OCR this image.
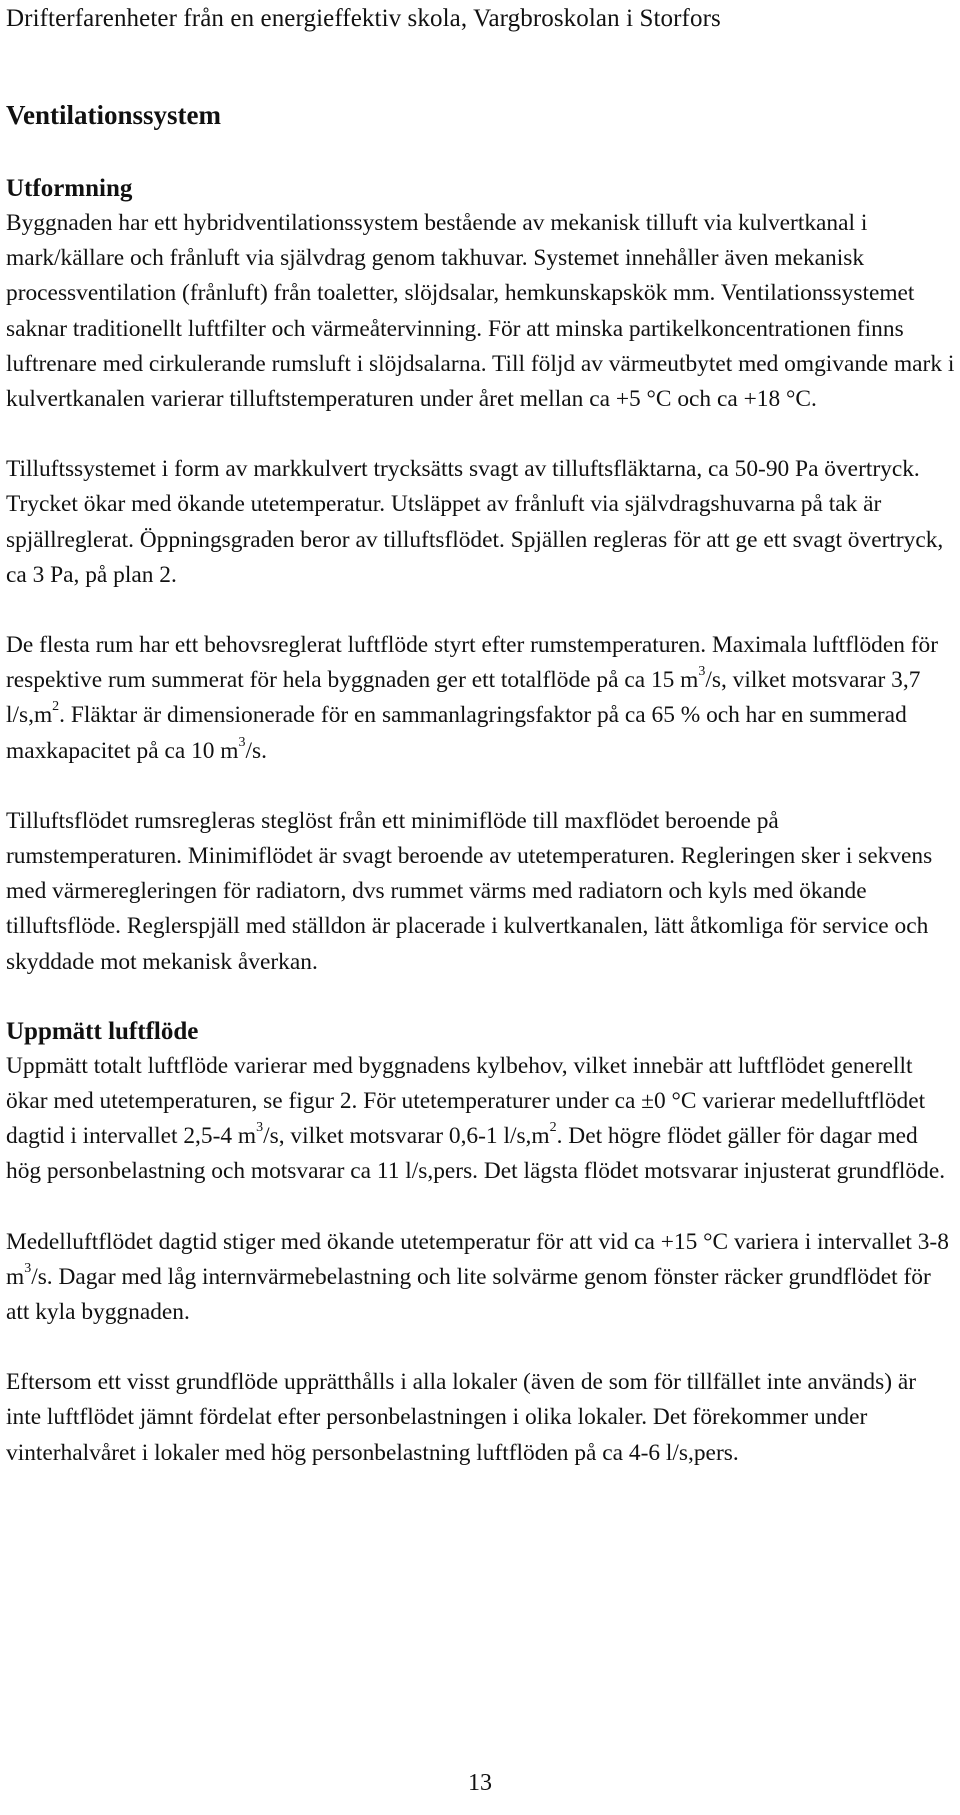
Drifterfarenheter från en energieffektiv skola, Vargbroskolan i Storfors
Ventilationssystem
Utformning

Byggnaden har ett hybridventilationssystem bestående av mekanisk tilluft via kulvertkanal i mark/källare och frånluft via självdrag genom takhuvar. Systemet innehåller även mekanisk processventilation (frånluft) från toaletter, slöjdsalar, hemkunskapskök mm. Ventilationssystemet saknar traditionellt luftfilter och värmeåtervinning. För att minska partikelkoncentrationen finns luftrenare med cirkulerande rumsluft i slöjdsalarna. Till följd av värmeutbytet med omgivande mark i kulvertkanalen varierar tilluftstemperaturen under året mellan ca +5 °C och ca +18 °C.

Tilluftssystemet i form av markkulvert trycksätts svagt av tilluftsfläktarna, ca 50-90 Pa övertryck. Trycket ökar med ökande utetemperatur. Utsläppet av frånluft via självdragshuvarna på tak är spjällreglerat. Öppningsgraden beror av tilluftsflödet. Spjällen regleras för att ge ett svagt övertryck, ca 3 Pa, på plan 2.

De flesta rum har ett behovsreglerat luftflöde styrt efter rumstemperaturen. Maximala luftflöden för respektive rum summerat för hela byggnaden ger ett totalflöde på ca 15 $m^3/s$, vilket motsvarar 3,7 $l/s,m^2$. Fläktar är dimensionerade för en sammanlagringsfaktor på ca 65 % och har en summerad maxkapacitet på ca 10 $m^3/s$.

Tilluftsflödet rumsregleras steglöst från ett minimiflöde till maxflödet beroende på rumstemperaturen. Minimiflödet är svagt beroende av utetemperaturen. Regleringen sker i sekvens med värmeregleringen för radiatorn, dvs rummet värms med radiatorn och kyls med ökande tilluftsflöde. Reglerspjäll med ställdon är placerade i kulvertkanalen, lätt åtkomliga för service och skyddade mot mekanisk åverkan.

Uppmätt luftflöde

Uppmätt totalt luftflöde varierar med byggnadens kylbehov, vilket innebär att luftflödet generellt ökar med utetemperaturen, se figur 2. För utetemperaturer under ca ±0 °C varierar medelluftflödet dagtid i intervallet 2,5-4 $m^3/s$, vilket motsvarar 0,6-1 $l/s,m^2$. Det högre flödet gäller för dagar med hög personbelastning och motsvarar ca 11 l/s,pers. Det lägsta flödet motsvarar injusterat grundflöde.

Medelluftflödet dagtid stiger med ökande utetemperatur för att vid ca +15 °C variera i intervallet 3-8 $m^3/s$. Dagar med låg internvärmebelastning och lite solvärme genom fönster räcker grundflödet för att kyla byggnaden.

Eftersom ett visst grundflöde upprätthålls i alla lokaler (även de som för tillfället inte används) är inte luftflödet jämnt fördelat efter personbelastningen i olika lokaler. Det förekommer under vinterhalvåret i lokaler med hög personbelastning luftflöden på ca 4-6 l/s,pers.

13
